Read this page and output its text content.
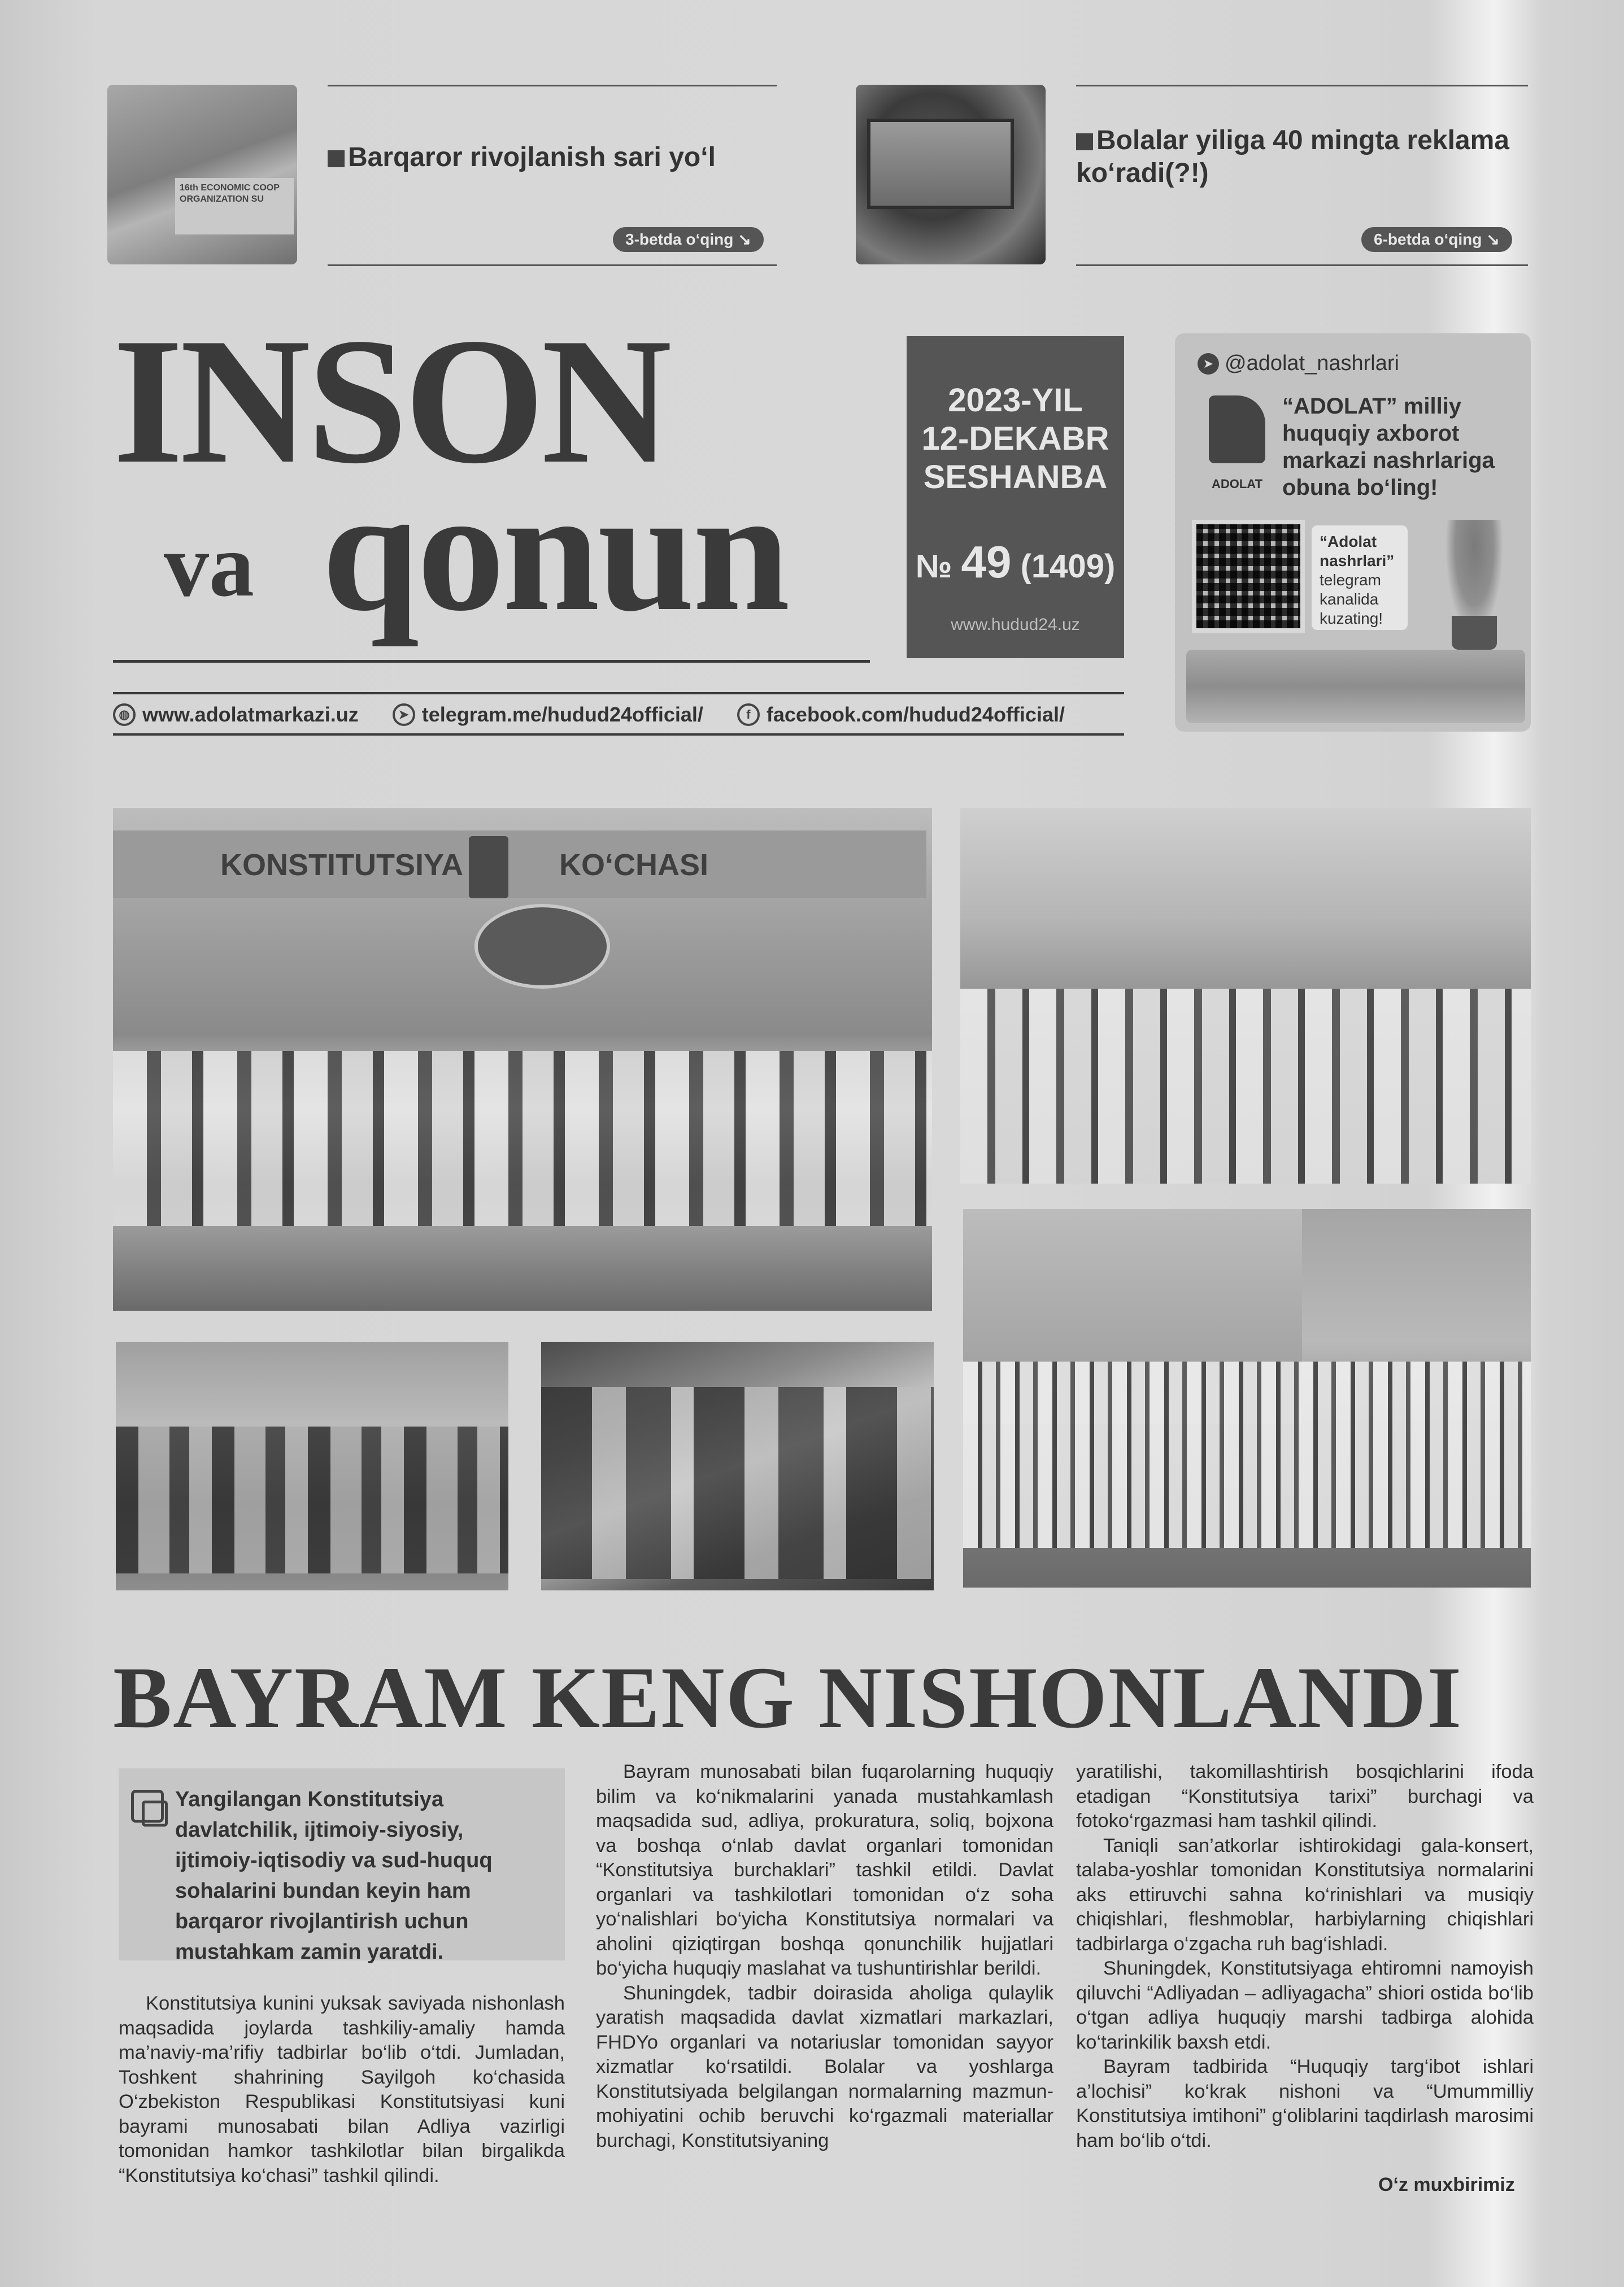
16th ECONOMIC COOP ORGANIZATION SU
Barqaror rivojlanish sari yo‘l
3-betda o‘qing ↘
Bolalar yiliga 40 mingta reklama ko‘radi(?!)
6-betda o‘qing ↘
INSON
va qonun
2023-YIL
12-DEKABR
SESHANBA
№ 49 (1409)
www.hudud24.uz
◍ www.adolatmarkazi.uz	➤ telegram.me/hudud24official/	f facebook.com/hudud24official/
➤ @adolat_nashrlari
ADOLAT
“ADOLAT” milliy huquqiy axborot markazi nashrlariga obuna bo‘ling!
“Adolat nashrlari”
telegram kanalida kuzating!
KONSTITUTSIYA	KO‘CHASI
BAYRAM KENG NISHONLANDI
Yangilangan Konstitutsiya davlatchilik, ijtimoiy-siyosiy, ijtimoiy-iqtisodiy va sud-huquq sohalarini bundan keyin ham barqaror rivojlantirish uchun mustahkam zamin yaratdi.

Konstitutsiya kunini yuksak saviyada nishonlash maqsadida joylarda tashkiliy-amaliy hamda ma’naviy-ma’rifiy tadbirlar bo‘lib o‘tdi. Jumladan, Toshkent shahrining Sayilgoh ko‘chasida O‘zbekiston Respublikasi Konstitutsiyasi kuni bayrami munosabati bilan Adliya vazirligi tomonidan hamkor tashkilotlar bilan birgalikda “Konstitutsiya ko‘chasi” tashkil qilindi.

Bayram munosabati bilan fuqarolarning huquqiy bilim va ko‘nikmalarini yanada mustahkamlash maqsadida sud, adliya, prokuratura, soliq, bojxona va boshqa o‘nlab davlat organlari tomonidan “Konstitutsiya burchaklari” tashkil etildi. Davlat organlari va tashkilotlari tomonidan o‘z soha yo‘nalishlari bo‘yicha Konstitutsiya normalari va aholini qiziqtirgan boshqa qonunchilik hujjatlari bo‘yicha huquqiy maslahat va tushuntirishlar berildi.

Shuningdek, tadbir doirasida aholiga qulaylik yaratish maqsadida davlat xizmatlari markazlari, FHDYo organlari va notariuslar tomonidan sayyor xizmatlar ko‘rsatildi. Bolalar va yoshlarga Konstitutsiyada belgilangan normalarning mazmun-mohiyatini ochib beruvchi ko‘rgazmali materiallar burchagi, Konstitutsiyaning

yaratilishi, takomillashtirish bosqichlarini ifoda etadigan “Konstitutsiya tarixi” burchagi va fotoko‘rgazmasi ham tashkil qilindi.

Taniqli san’atkorlar ishtirokidagi gala-konsert, talaba-yoshlar tomonidan Konstitutsiya normalarini aks ettiruvchi sahna ko‘rinishlari va musiqiy chiqishlari, fleshmoblar, harbiylarning chiqishlari tadbirlarga o‘zgacha ruh bag‘ishladi.

Shuningdek, Konstitutsiyaga ehtiromni namoyish qiluvchi “Adliyadan – adliyagacha” shiori ostida bo‘lib o‘tgan adliya huquqiy marshi tadbirga alohida ko‘tarinkilik baxsh etdi.

Bayram tadbirida “Huquqiy targ‘ibot ishlari a’lochisi” ko‘krak nishoni va “Umummilliy Konstitutsiya imtihoni” g‘oliblarini taqdirlash marosimi ham bo‘lib o‘tdi.

O‘z muxbirimiz
